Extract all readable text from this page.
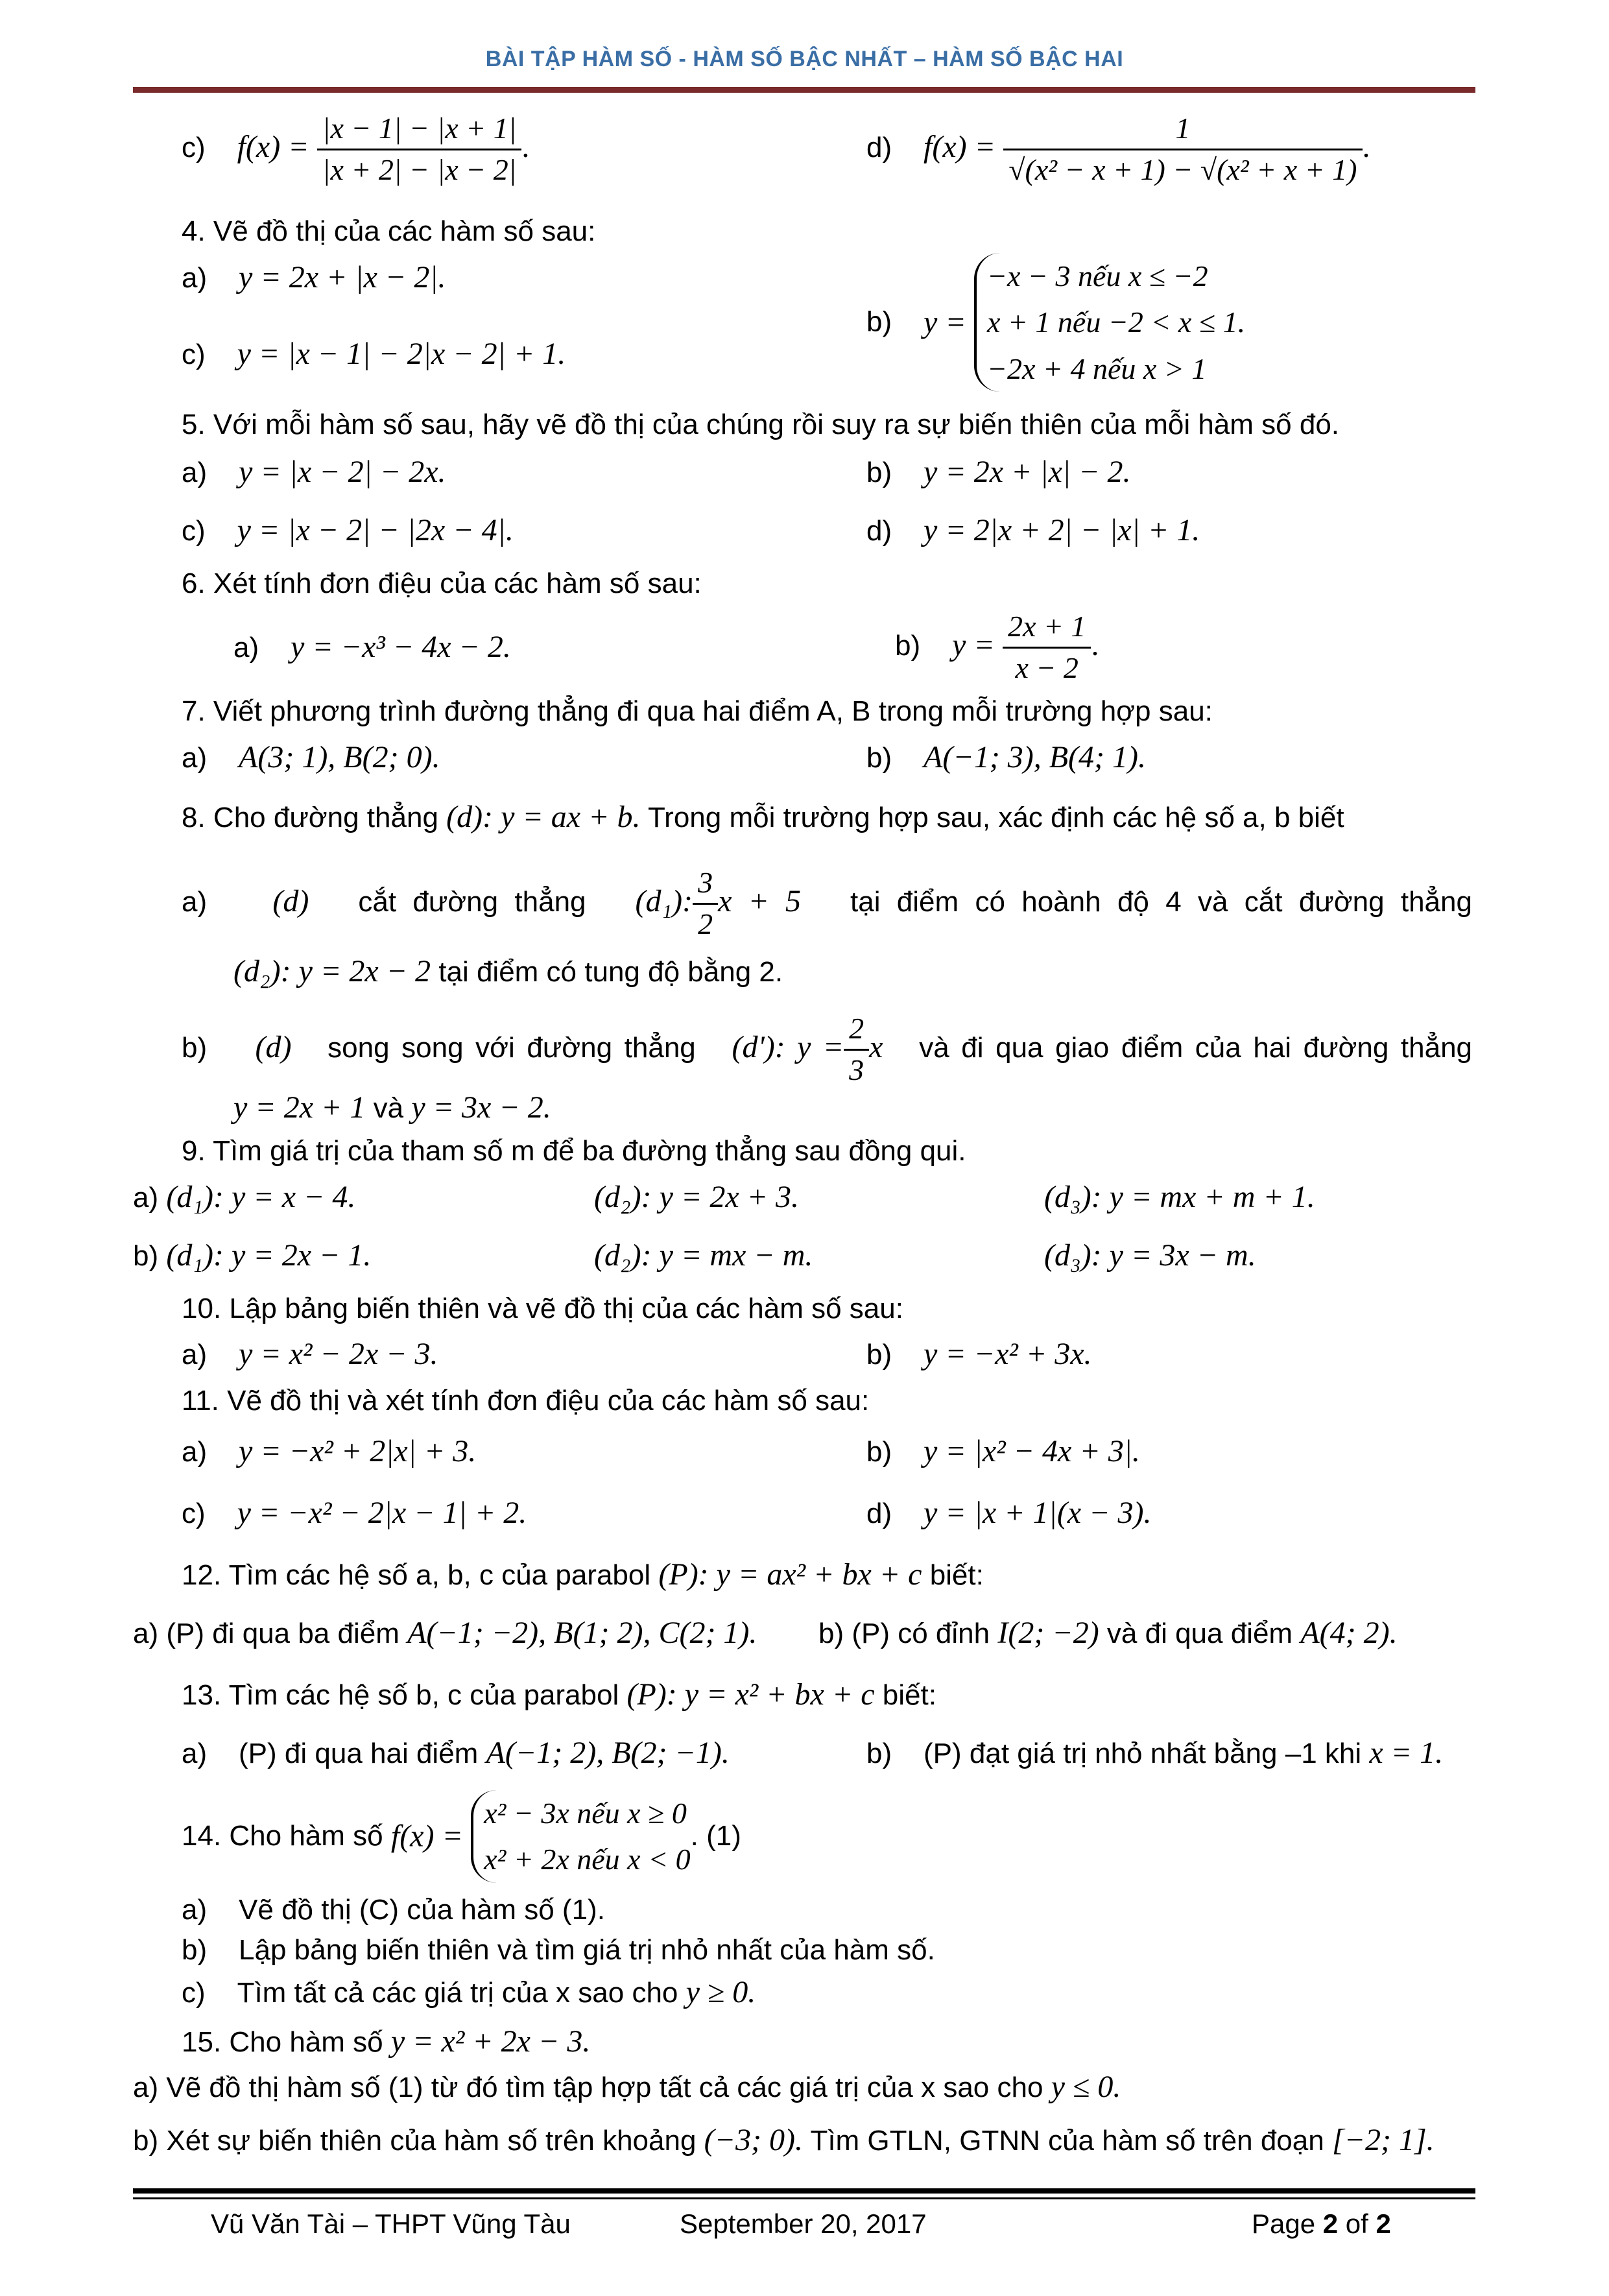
BÀI TẬP HÀM SỐ - HÀM SỐ BẬC NHẤT – HÀM SỐ BẬC HAI
c) $f(x) = \frac{|x - 1| - |x + 1|}{|x + 2| - |x - 2|}$ .	d) $f(x) = \frac{1}{\text{√(x² − x + 1) − √(x² + x + 1)}}$ .
4. Vẽ đồ thị của các hàm số sau:
a) y = 2x + |x − 2|.
c) y = |x − 1| − 2|x − 2| + 1.
b) y =
−x − 3 nếu x ≤ −2
x + 1 nếu −2 < x ≤ 1.
−2x + 4 nếu x > 1
5. Với mỗi hàm số sau, hãy vẽ đồ thị của chúng rồi suy ra sự biến thiên của mỗi hàm số đó.
a) y = |x − 2| − 2x.	b) y = 2x + |x| − 2.
c) y = |x − 2| − |2x − 4|.	d) y = 2|x + 2| − |x| + 1.
6. Xét tính đơn điệu của các hàm số sau:
a) y = −x³ − 4x − 2.	b) $y = \frac{2x + 1}{x - 2}$ .
7. Viết phương trình đường thẳng đi qua hai điểm A, B trong mỗi trường hợp sau:
a) A(3; 1), B(2; 0).	b) A(−1; 3), B(4; 1).
8. Cho đường thẳng (d): y = ax + b. Trong mỗi trường hợp sau, xác định các hệ số a, b biết
a) (d) cắt đường thẳng (d₁): $\frac{3}{2}$ x + 5 tại điểm có hoành độ 4 và cắt đường thẳng
(d₂): y = 2x − 2 tại điểm có tung độ bằng 2.
b) (d) song song với đường thẳng (d'): $y = \frac{2}{3}$ x và đi qua giao điểm của hai đường thẳng
y = 2x + 1 và y = 3x − 2.
9. Tìm giá trị của tham số m để ba đường thẳng sau đồng qui.
a) (d₁): y = x − 4.	(d₂): y = 2x + 3.	(d₃): y = mx + m + 1.
b) (d₁): y = 2x − 1.	(d₂): y = mx − m.	(d₃): y = 3x − m.
10. Lập bảng biến thiên và vẽ đồ thị của các hàm số sau:
a) y = x² − 2x − 3.	b) y = −x² + 3x.
11. Vẽ đồ thị và xét tính đơn điệu của các hàm số sau:
a) y = −x² + 2|x| + 3.	b) y = |x² − 4x + 3|.
c) y = −x² − 2|x − 1| + 2.	d) y = |x + 1|(x − 3).
12. Tìm các hệ số a, b, c của parabol (P): y = ax² + bx + c biết:
a) (P) đi qua ba điểm A(−1; −2), B(1; 2), C(2; 1). b) (P) có đỉnh I(2; −2) và đi qua điểm A(4; 2).
13. Tìm các hệ số b, c của parabol (P): y = x² + bx + c biết:
a) (P) đi qua hai điểm A(−1; 2), B(2; −1).	b) (P) đạt giá trị nhỏ nhất bằng –1 khi x = 1.
14. Cho hàm số f(x) =
x² − 3x nếu x ≥ 0
x² + 2x nếu x < 0
. (1)
a) Vẽ đồ thị (C) của hàm số (1).
b) Lập bảng biến thiên và tìm giá trị nhỏ nhất của hàm số.
c) Tìm tất cả các giá trị của x sao cho y ≥ 0.
15. Cho hàm số y = x² + 2x − 3.
a) Vẽ đồ thị hàm số (1) từ đó tìm tập hợp tất cả các giá trị của x sao cho y ≤ 0.
b) Xét sự biến thiên của hàm số trên khoảng (−3; 0). Tìm GTLN, GTNN của hàm số trên đoạn [−2; 1].
Vũ Văn Tài – THPT Vũng Tàu	September 20, 2017	Page 2 of 2
